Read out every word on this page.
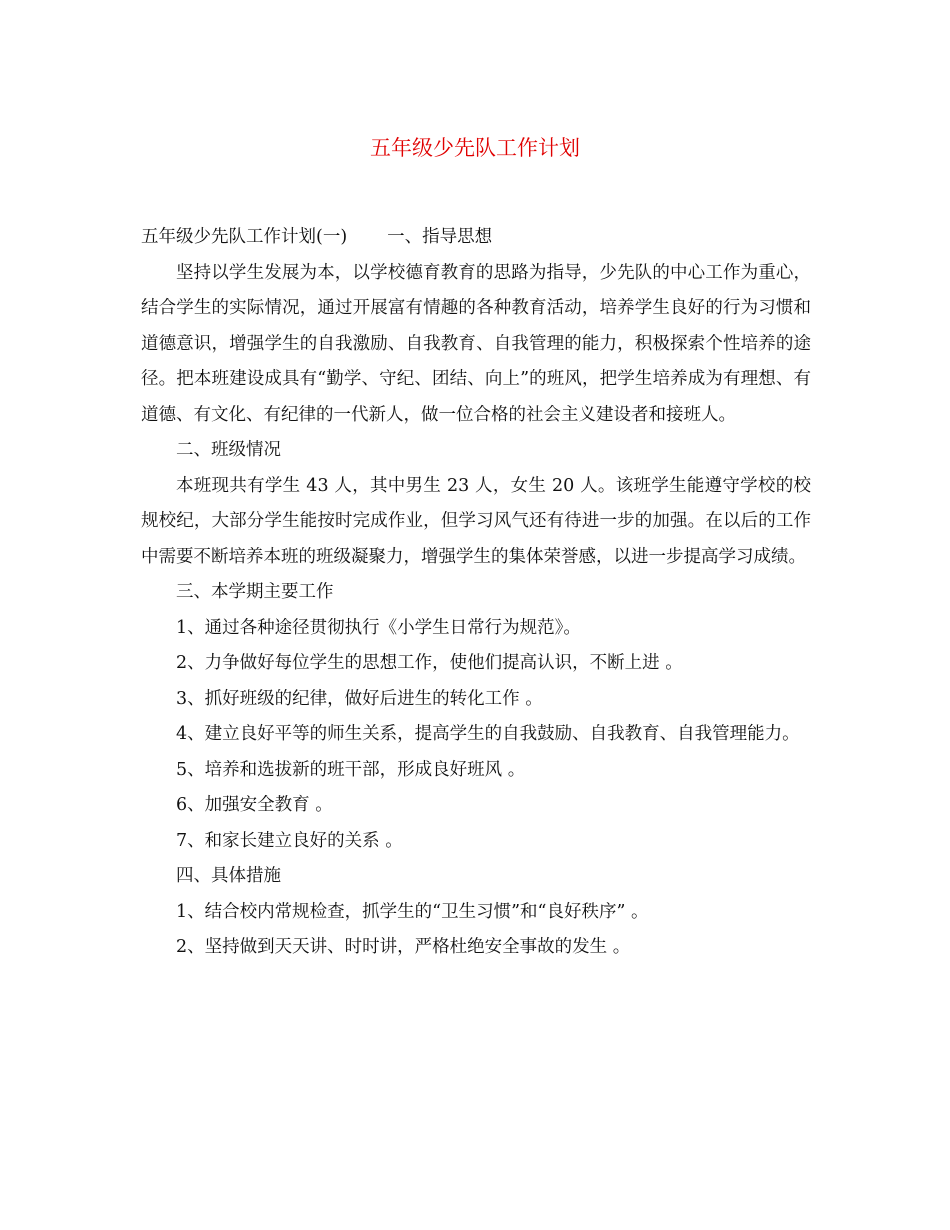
五年级少先队工作计划

五年级少先队工作计划(一) 一、指导思想

坚持以学生发展为本，以学校德育教育的思路为指导，少先队的中心工作为重心，结合学生的实际情况，通过开展富有情趣的各种教育活动，培养学生良好的行为习惯和道德意识，增强学生的自我激励、自我教育、自我管理的能力，积极探索个性培养的途径。把本班建设成具有“勤学、守纪、团结、向上”的班风，把学生培养成为有理想、有道德、有文化、有纪律的一代新人，做一位合格的社会主义建设者和接班人。

二、班级情况

本班现共有学生 43 人，其中男生 23 人，女生 20 人。该班学生能遵守学校的校规校纪，大部分学生能按时完成作业，但学习风气还有待进一步的加强。在以后的工作中需要不断培养本班的班级凝聚力，增强学生的集体荣誉感，以进一步提高学习成绩。

三、本学期主要工作

1、通过各种途径贯彻执行《小学生日常行为规范》。

2、力争做好每位学生的思想工作，使他们提高认识，不断上进 。

3、抓好班级的纪律，做好后进生的转化工作 。

4、建立良好平等的师生关系，提高学生的自我鼓励、自我教育、自我管理能力。

5、培养和选拔新的班干部，形成良好班风 。

6、加强安全教育 。

7、和家长建立良好的关系 。

四、具体措施

1、结合校内常规检查，抓学生的“卫生习惯”和“良好秩序” 。

2、坚持做到天天讲、时时讲，严格杜绝安全事故的发生 。
